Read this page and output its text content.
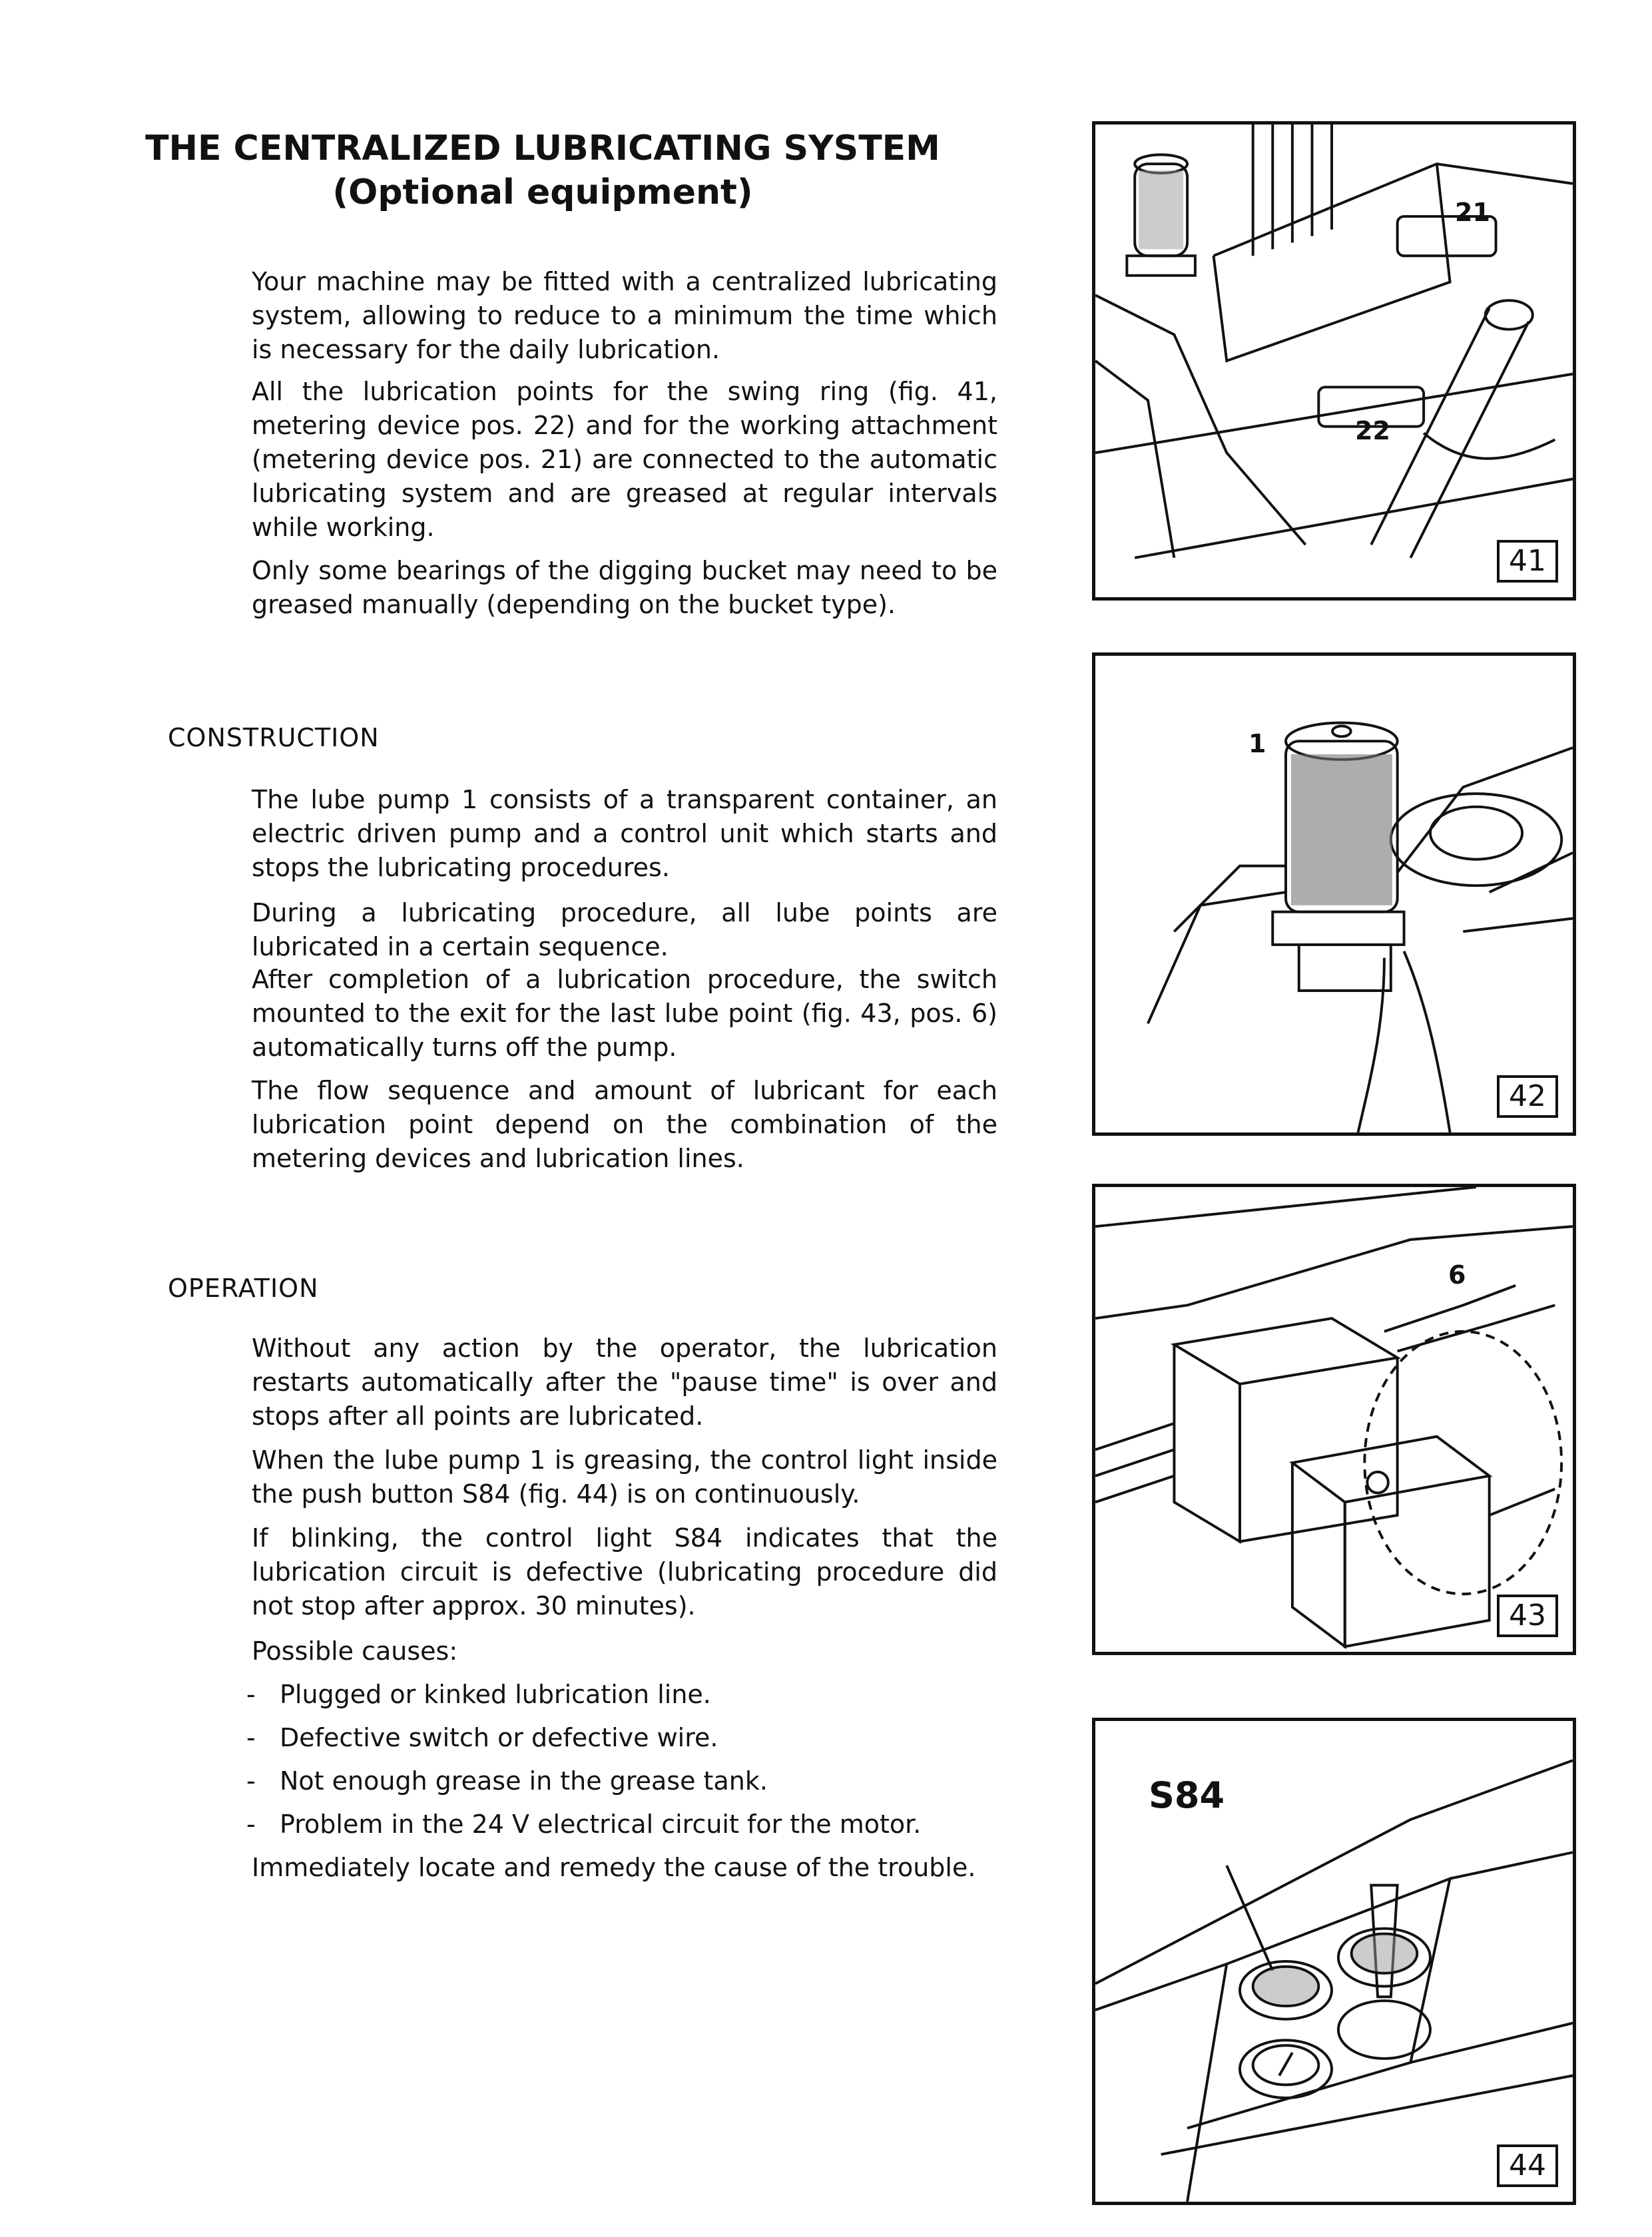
THE CENTRALIZED LUBRICATING SYSTEM
(Optional equipment)

Your machine may be fitted with a centralized lubricating system, allowing to reduce to a minimum the time which is necessary for the daily lubrication.

All the lubrication points for the swing ring (fig. 41, metering device pos. 22) and for the working attachment (metering device pos. 21) are connected to the automatic lubricating system and are greased at regular intervals while working.

Only some bearings of the digging bucket may need to be greased manually (depending on the bucket type).

CONSTRUCTION

The lube pump 1 consists of a transparent container, an electric driven pump and a control unit which starts and stops the lubricating procedures.

During a lubricating procedure, all lube points are lubricated in a certain sequence.

After completion of a lubrication procedure, the switch mounted to the exit for the last lube point (fig. 43, pos. 6) automatically turns off the pump.

The flow sequence and amount of lubricant for each lubrication point depend on the combination of the metering devices and lubrication lines.

OPERATION

Without any action by the operator, the lubrication restarts automatically after the "pause time" is over and stops after all points are lubricated.

When the lube pump 1 is greasing, the control light inside the push button S84 (fig. 44) is on continuously.

If blinking, the control light S84 indicates that the lubrication circuit is defective (lubricating procedure did not stop after approx. 30 minutes).

Possible causes:

- Plugged or kinked lubrication line.
- Defective switch or defective wire.
- Not enough grease in the grease tank.
- Problem in the 24 V electrical circuit for the motor.

Immediately locate and remedy the cause of the trouble.

21
22
41
1
42
6
43
S84
44
